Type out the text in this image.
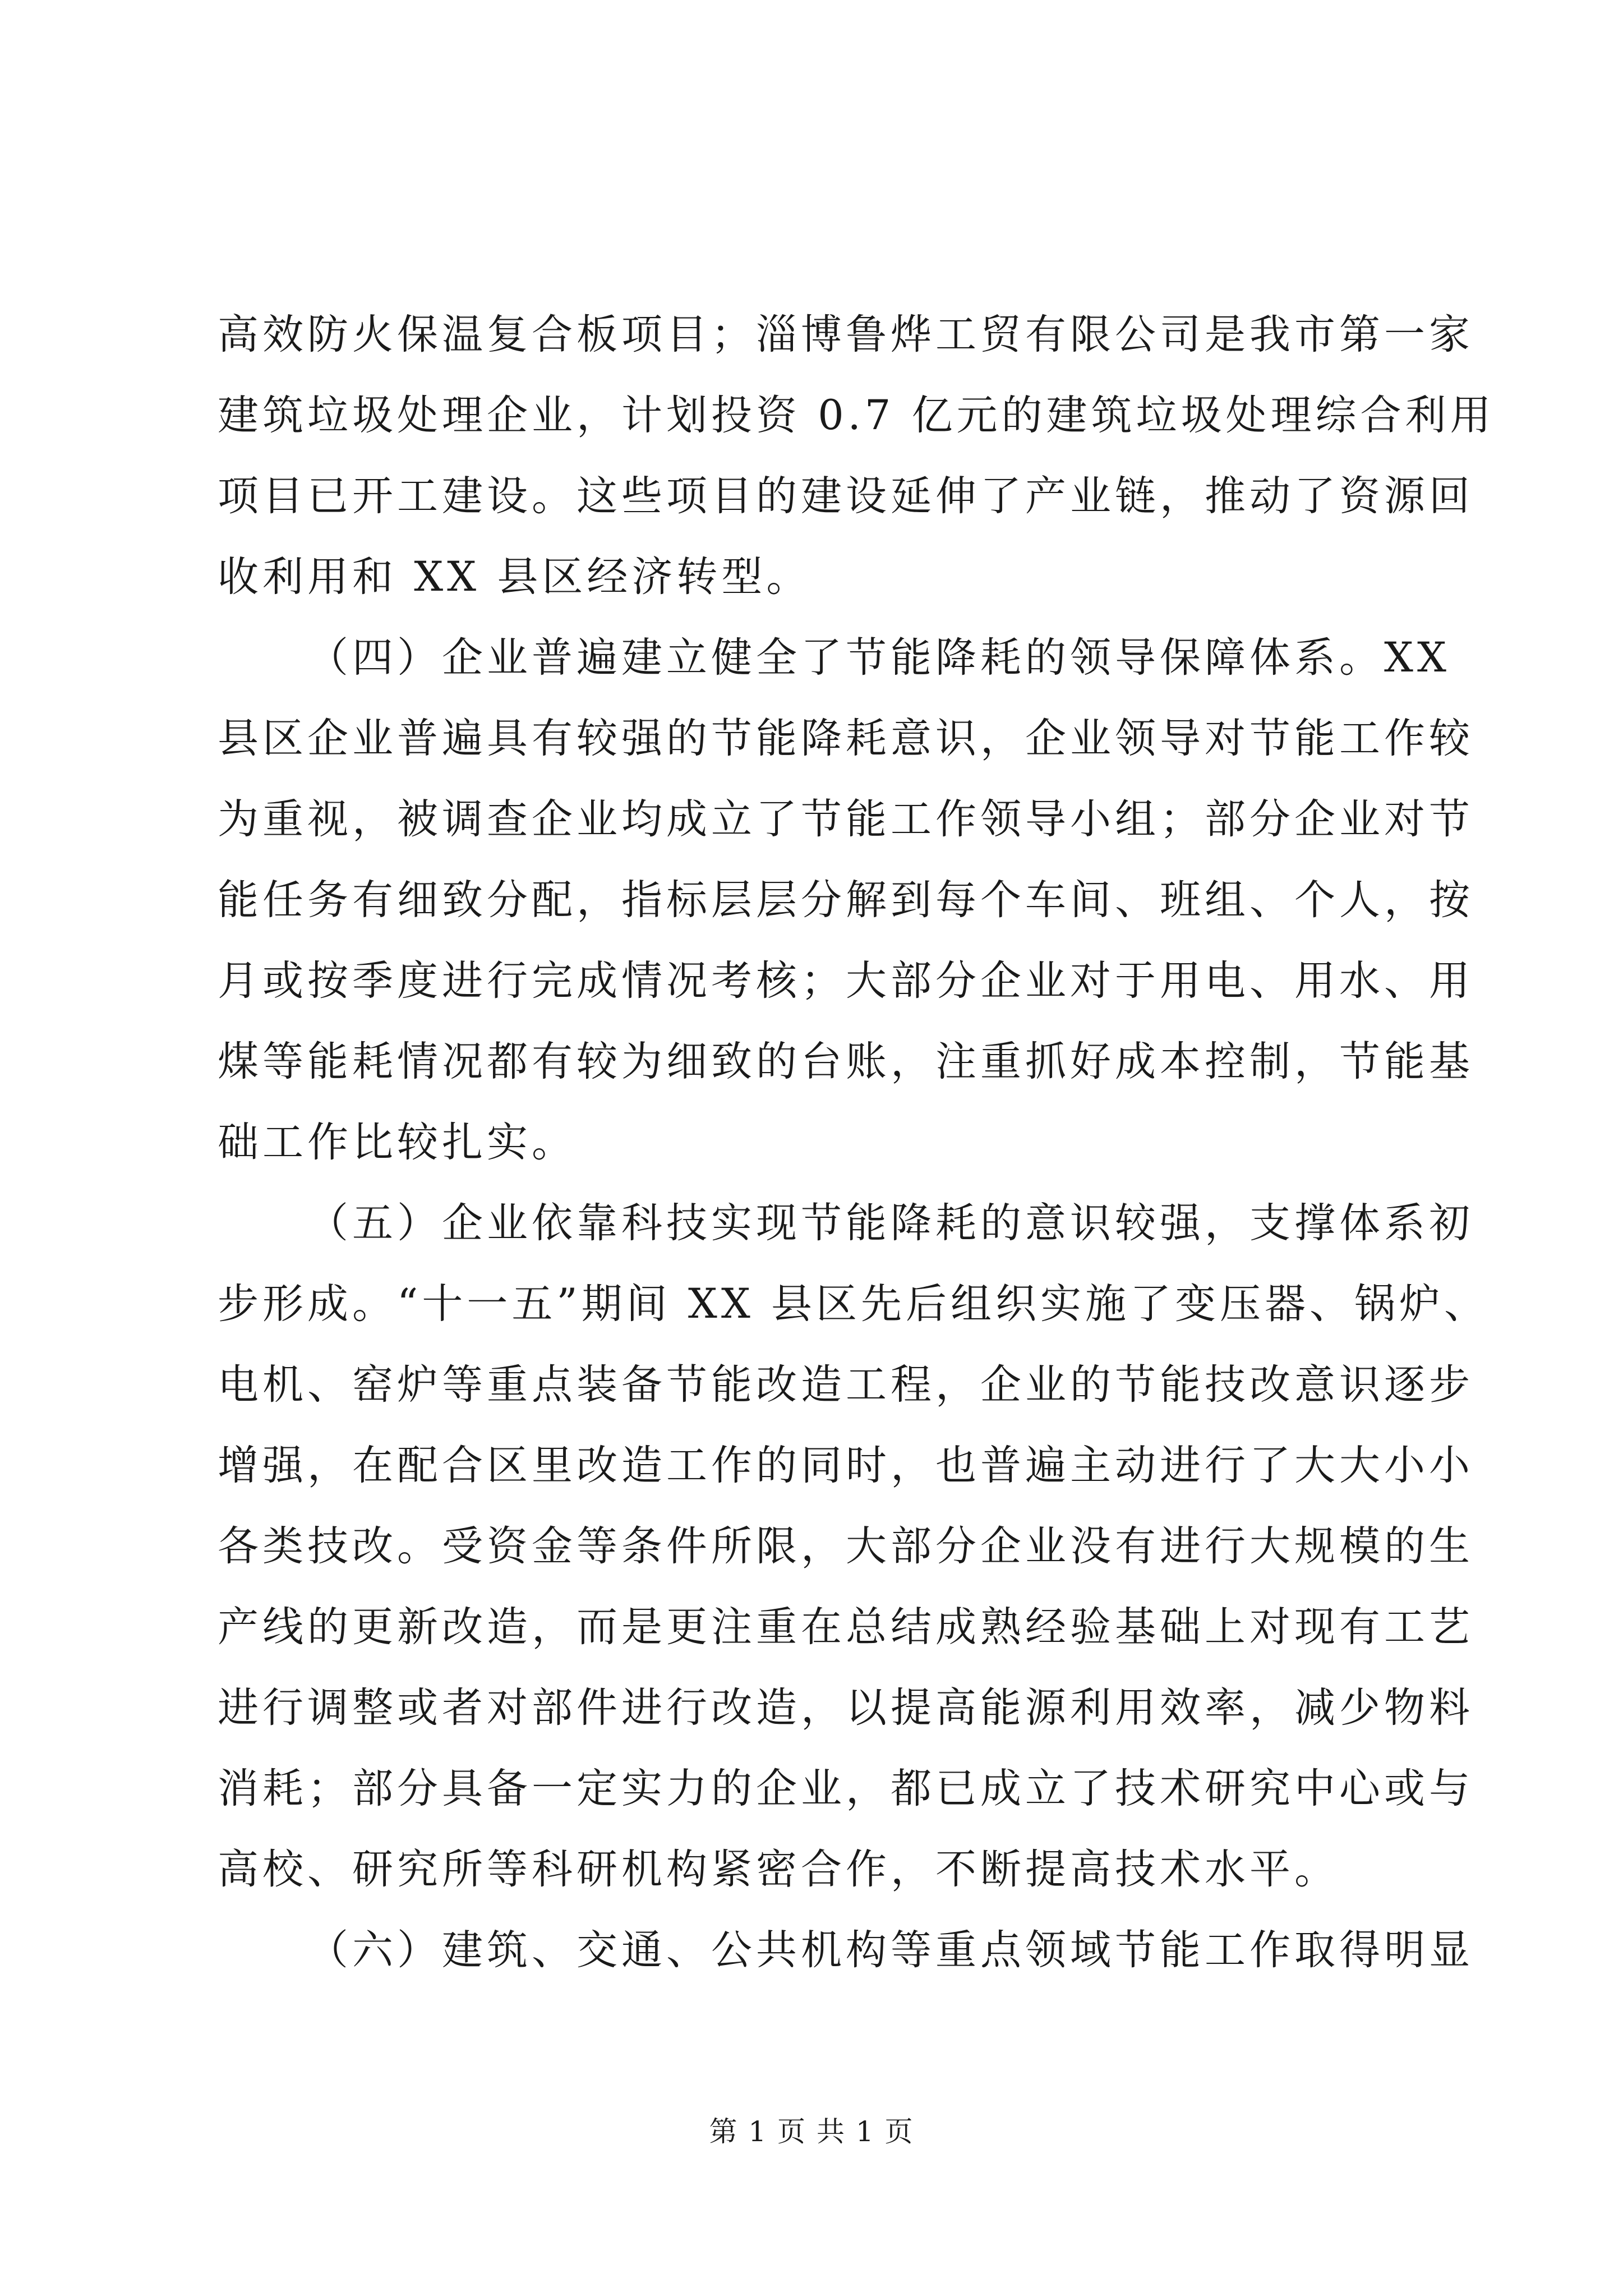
高效防火保温复合板项目；淄博鲁烨工贸有限公司是我市第一家
建筑垃圾处理企业，计划投资 0.7 亿元的建筑垃圾处理综合利用
项目已开工建设。这些项目的建设延伸了产业链，推动了资源回
收利用和 XX 县区经济转型。
（四）企业普遍建立健全了节能降耗的领导保障体系。XX
县区企业普遍具有较强的节能降耗意识，企业领导对节能工作较
为重视，被调查企业均成立了节能工作领导小组；部分企业对节
能任务有细致分配，指标层层分解到每个车间、班组、个人，按
月或按季度进行完成情况考核；大部分企业对于用电、用水、用
煤等能耗情况都有较为细致的台账，注重抓好成本控制，节能基
础工作比较扎实。
（五）企业依靠科技实现节能降耗的意识较强，支撑体系初
步形成。“十一五”期间 XX 县区先后组织实施了变压器、锅炉、
电机、窑炉等重点装备节能改造工程，企业的节能技改意识逐步
增强，在配合区里改造工作的同时，也普遍主动进行了大大小小
各类技改。受资金等条件所限，大部分企业没有进行大规模的生
产线的更新改造，而是更注重在总结成熟经验基础上对现有工艺
进行调整或者对部件进行改造，以提高能源利用效率，减少物料
消耗；部分具备一定实力的企业，都已成立了技术研究中心或与
高校、研究所等科研机构紧密合作，不断提高技术水平。
（六）建筑、交通、公共机构等重点领域节能工作取得明显
第 1 页 共 1 页
